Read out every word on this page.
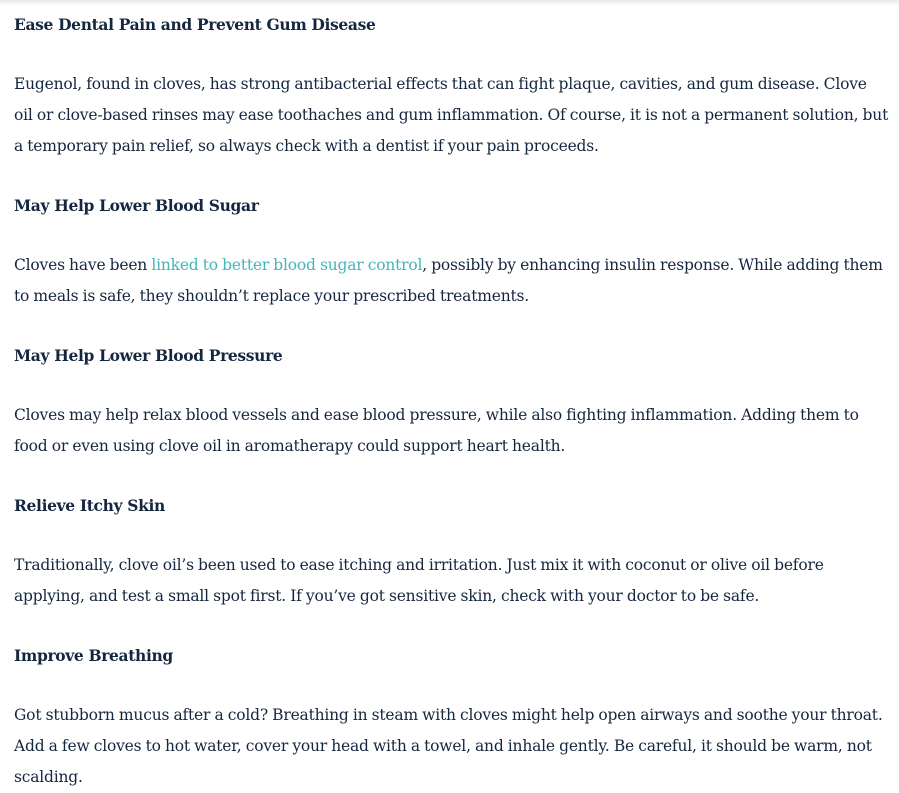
Ease Dental Pain and Prevent Gum Disease

Eugenol, found in cloves, has strong antibacterial effects that can fight plaque, cavities, and gum disease. Clove oil or clove-based rinses may ease toothaches and gum inflammation. Of course, it is not a permanent solution, but a temporary pain relief, so always check with a dentist if your pain proceeds.

May Help Lower Blood Sugar

Cloves have been linked to better blood sugar control, possibly by enhancing insulin response. While adding them to meals is safe, they shouldn’t replace your prescribed treatments.

May Help Lower Blood Pressure

Cloves may help relax blood vessels and ease blood pressure, while also fighting inflammation. Adding them to food or even using clove oil in aromatherapy could support heart health.

Relieve Itchy Skin

Traditionally, clove oil’s been used to ease itching and irritation. Just mix it with coconut or olive oil before applying, and test a small spot first. If you’ve got sensitive skin, check with your doctor to be safe.

Improve Breathing

Got stubborn mucus after a cold? Breathing in steam with cloves might help open airways and soothe your throat. Add a few cloves to hot water, cover your head with a towel, and inhale gently. Be careful, it should be warm, not scalding.
